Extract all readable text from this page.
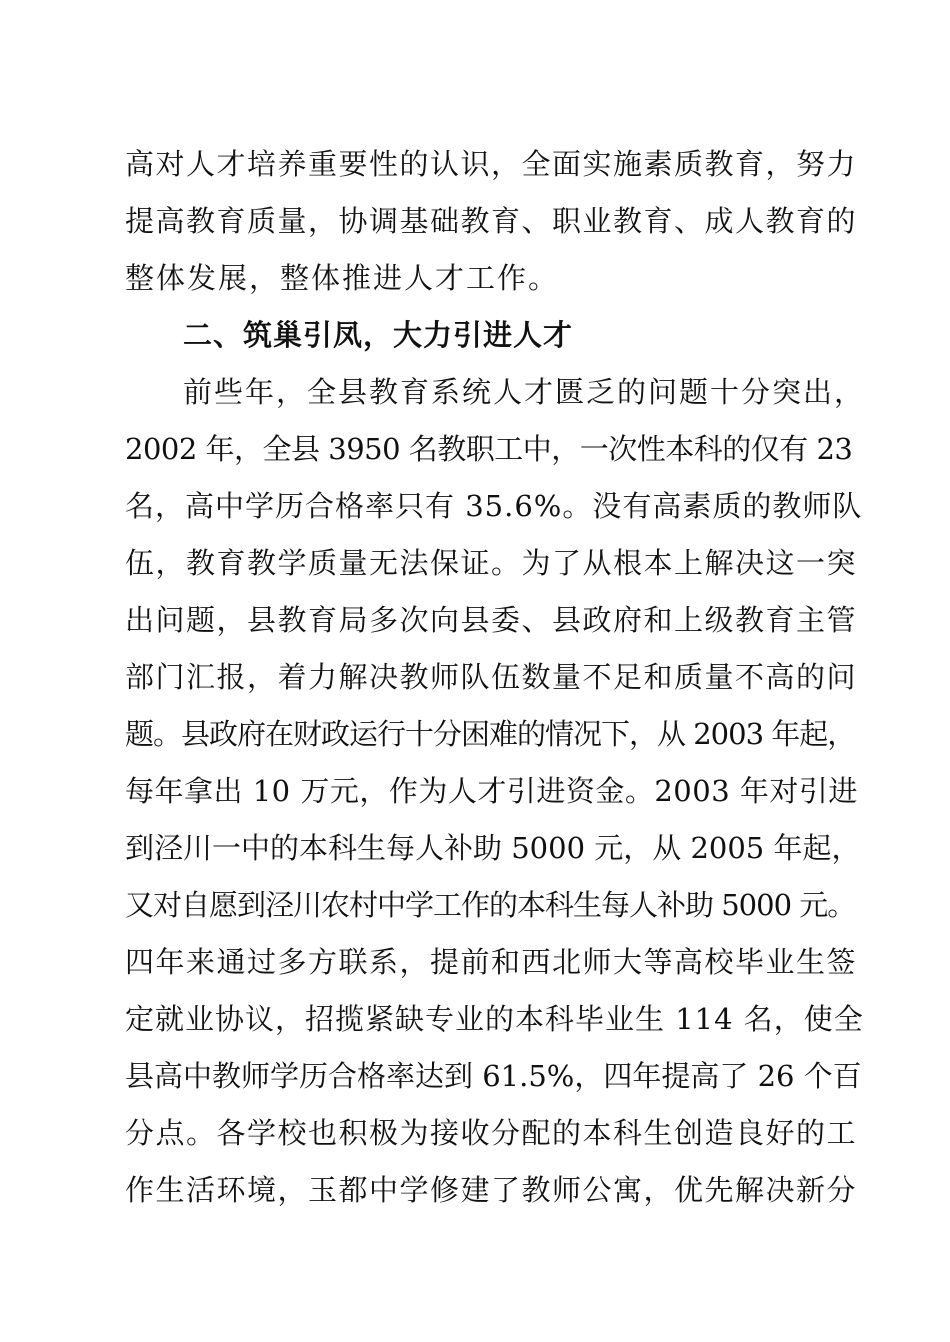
高对人才培养重要性的认识，全面实施素质教育，努力
提高教育质量，协调基础教育、职业教育、成人教育的
整体发展，整体推进人才工作。
二、筑巢引凤，大力引进人才
前些年，全县教育系统人才匮乏的问题十分突出，
2002 年，全县 3950 名教职工中，一次性本科的仅有 23
名，高中学历合格率只有 35.6%。没有高素质的教师队
伍，教育教学质量无法保证。为了从根本上解决这一突
出问题，县教育局多次向县委、县政府和上级教育主管
部门汇报，着力解决教师队伍数量不足和质量不高的问
题。县政府在财政运行十分困难的情况下，从 2003 年起，
每年拿出 10 万元，作为人才引进资金。2003 年对引进
到泾川一中的本科生每人补助 5000 元，从 2005 年起，
又对自愿到泾川农村中学工作的本科生每人补助 5000 元。
四年来通过多方联系，提前和西北师大等高校毕业生签
定就业协议，招揽紧缺专业的本科毕业生 114 名，使全
县高中教师学历合格率达到 61.5%，四年提高了 26 个百
分点。各学校也积极为接收分配的本科生创造良好的工
作生活环境，玉都中学修建了教师公寓，优先解决新分
